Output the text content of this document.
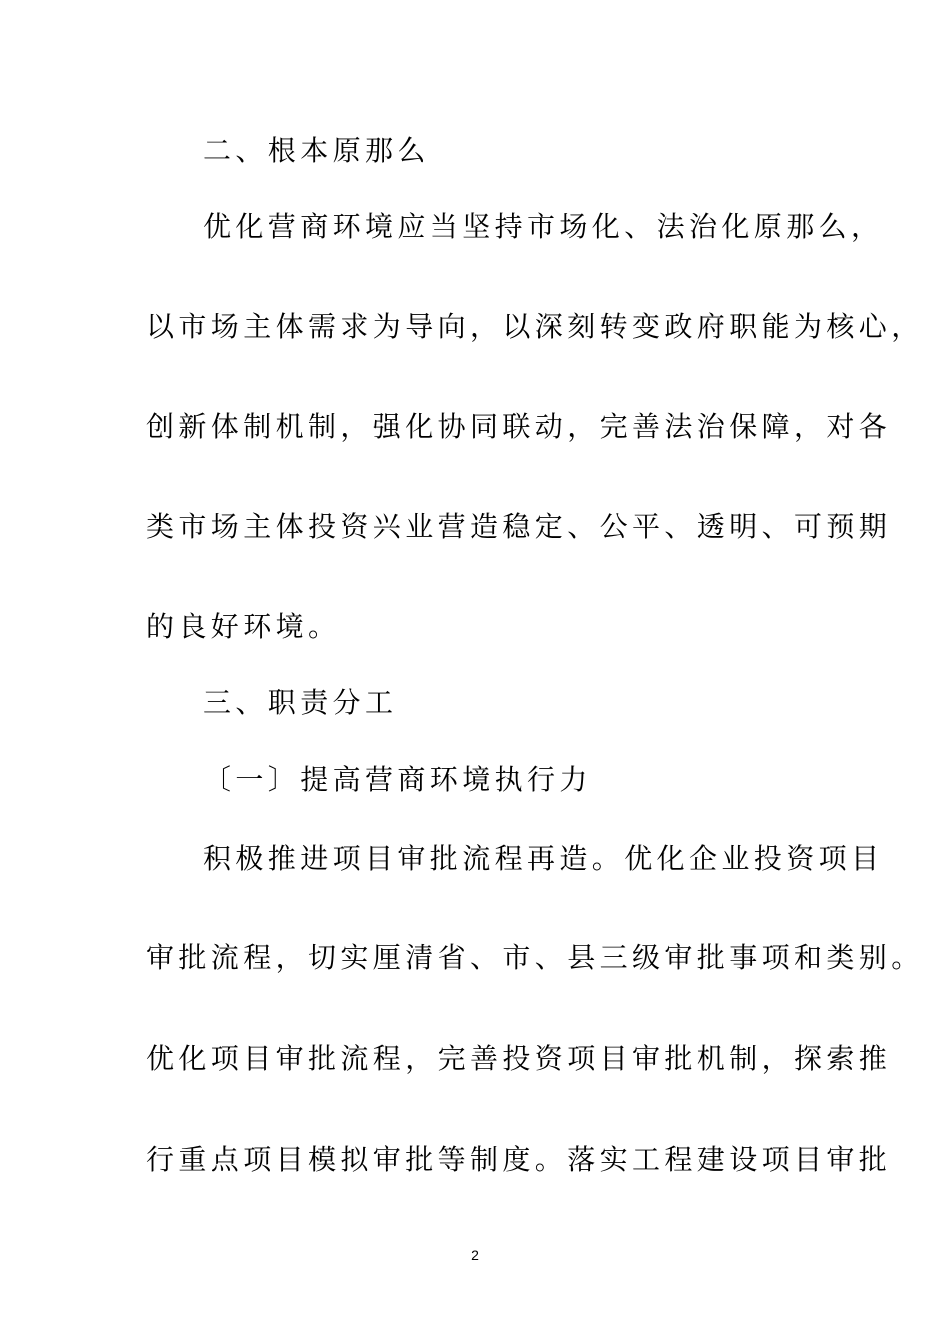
二、根本原那么
优化营商环境应当坚持市场化、法治化原那么，
以市场主体需求为导向，以深刻转变政府职能为核心，
创新体制机制，强化协同联动，完善法治保障，对各
类市场主体投资兴业营造稳定、公平、透明、可预期
的良好环境。
三、职责分工
〔一〕提高营商环境执行力
积极推进项目审批流程再造。优化企业投资项目
审批流程，切实厘清省、市、县三级审批事项和类别。
优化项目审批流程，完善投资项目审批机制，探索推
行重点项目模拟审批等制度。落实工程建设项目审批
2
